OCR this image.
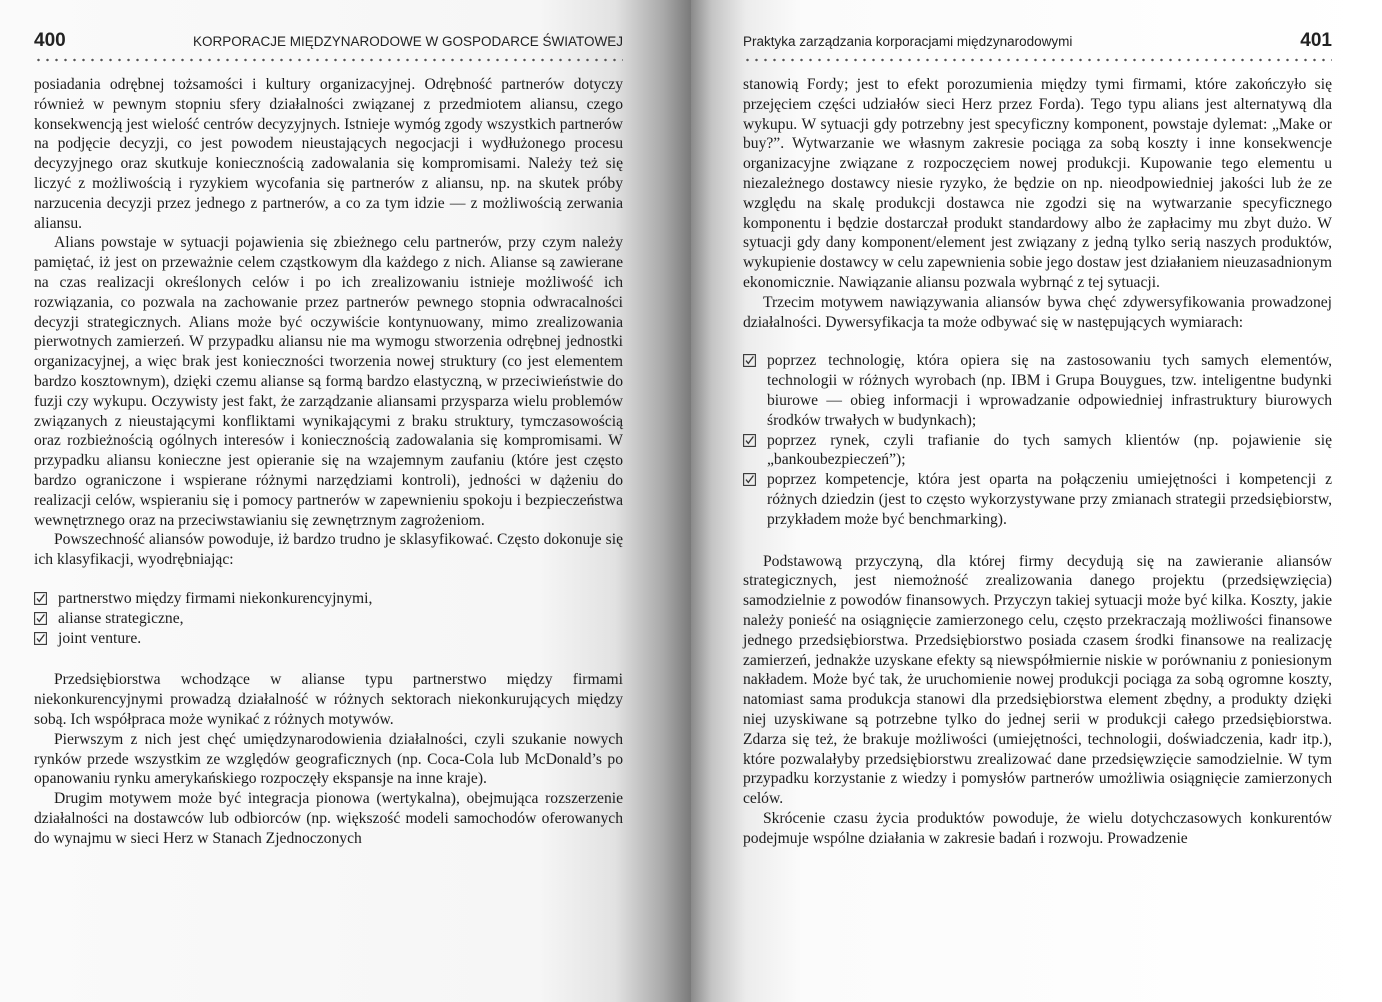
400	KORPORACJE MIĘDZYNARODOWE W GOSPODARCE ŚWIATOWEJ

posiadania odrębnej tożsamości i kultury organizacyjnej. Odrębność partnerów dotyczy również w pewnym stopniu sfery działalności związanej z przedmiotem aliansu, czego konsekwencją jest wielość centrów decyzyjnych. Istnieje wymóg zgody wszystkich partnerów na podjęcie decyzji, co jest powodem nieustających negocjacji i wydłużonego procesu decyzyjnego oraz skutkuje koniecznością zadowalania się kompromisami. Należy też się liczyć z możliwością i ryzykiem wycofania się partnerów z aliansu, np. na skutek próby narzucenia decyzji przez jednego z partnerów, a co za tym idzie — z możliwością zerwania aliansu.

Alians powstaje w sytuacji pojawienia się zbieżnego celu partnerów, przy czym należy pamiętać, iż jest on przeważnie celem cząstkowym dla każdego z nich. Alianse są zawierane na czas realizacji określonych celów i po ich zrealizowaniu istnieje możliwość ich rozwiązania, co pozwala na zachowanie przez partnerów pewnego stopnia odwracalności decyzji strategicznych. Alians może być oczywiście kontynuowany, mimo zrealizowania pierwotnych zamierzeń. W przypadku aliansu nie ma wymogu stworzenia odrębnej jednostki organizacyjnej, a więc brak jest konieczności tworzenia nowej struktury (co jest elementem bardzo kosztownym), dzięki czemu alianse są formą bardzo elastyczną, w przeciwieństwie do fuzji czy wykupu. Oczywisty jest fakt, że zarządzanie aliansami przysparza wielu problemów związanych z nieustającymi konfliktami wynikającymi z braku struktury, tymczasowością oraz rozbieżnością ogólnych interesów i koniecznością zadowalania się kompromisami. W przypadku aliansu konieczne jest opieranie się na wzajemnym zaufaniu (które jest często bardzo ograniczone i wspierane różnymi narzędziami kontroli), jedności w dążeniu do realizacji celów, wspieraniu się i pomocy partnerów w zapewnieniu spokoju i bezpieczeństwa wewnętrznego oraz na przeciwstawianiu się zewnętrznym zagrożeniom.

Powszechność aliansów powoduje, iż bardzo trudno je sklasyfikować. Często dokonuje się ich klasyfikacji, wyodrębniając:

partnerstwo między firmami niekonkurencyjnymi,
alianse strategiczne,
joint venture.

Przedsiębiorstwa wchodzące w alianse typu partnerstwo między firmami niekonkurencyjnymi prowadzą działalność w różnych sektorach niekonkurujących między sobą. Ich współpraca może wynikać z różnych motywów.

Pierwszym z nich jest chęć umiędzynarodowienia działalności, czyli szukanie nowych rynków przede wszystkim ze względów geograficznych (np. Coca-Cola lub McDonald’s po opanowaniu rynku amerykańskiego rozpoczęły ekspansje na inne kraje).

Drugim motywem może być integracja pionowa (wertykalna), obejmująca rozszerzenie działalności na dostawców lub odbiorców (np. większość modeli samochodów oferowanych do wynajmu w sieci Herz w Stanach Zjednoczonych

Praktyka zarządzania korporacjami międzynarodowymi	401

stanowią Fordy; jest to efekt porozumienia między tymi firmami, które zakończyło się przejęciem części udziałów sieci Herz przez Forda). Tego typu alians jest alternatywą dla wykupu. W sytuacji gdy potrzebny jest specyficzny komponent, powstaje dylemat: „Make or buy?”. Wytwarzanie we własnym zakresie pociąga za sobą koszty i inne konsekwencje organizacyjne związane z rozpoczęciem nowej produkcji. Kupowanie tego elementu u niezależnego dostawcy niesie ryzyko, że będzie on np. nieodpowiedniej jakości lub że ze względu na skalę produkcji dostawca nie zgodzi się na wytwarzanie specyficznego komponentu i będzie dostarczał produkt standardowy albo że zapłacimy mu zbyt dużo. W sytuacji gdy dany komponent/element jest związany z jedną tylko serią naszych produktów, wykupienie dostawcy w celu zapewnienia sobie jego dostaw jest działaniem nieuzasadnionym ekonomicznie. Nawiązanie aliansu pozwala wybrnąć z tej sytuacji.

Trzecim motywem nawiązywania aliansów bywa chęć zdywersyfikowania prowadzonej działalności. Dywersyfikacja ta może odbywać się w następujących wymiarach:

poprzez technologię, która opiera się na zastosowaniu tych samych elementów, technologii w różnych wyrobach (np. IBM i Grupa Bouygues, tzw. inteligentne budynki biurowe — obieg informacji i wprowadzanie odpowiedniej infrastruktury biurowych środków trwałych w budynkach);
poprzez rynek, czyli trafianie do tych samych klientów (np. pojawienie się „bankoubezpieczeń”);
poprzez kompetencje, która jest oparta na połączeniu umiejętności i kompetencji z różnych dziedzin (jest to często wykorzystywane przy zmianach strategii przedsiębiorstw, przykładem może być benchmarking).

Podstawową przyczyną, dla której firmy decydują się na zawieranie aliansów strategicznych, jest niemożność zrealizowania danego projektu (przedsięwzięcia) samodzielnie z powodów finansowych. Przyczyn takiej sytuacji może być kilka. Koszty, jakie należy ponieść na osiągnięcie zamierzonego celu, często przekraczają możliwości finansowe jednego przedsiębiorstwa. Przedsiębiorstwo posiada czasem środki finansowe na realizację zamierzeń, jednakże uzyskane efekty są niewspółmiernie niskie w porównaniu z poniesionym nakładem. Może być tak, że uruchomienie nowej produkcji pociąga za sobą ogromne koszty, natomiast sama produkcja stanowi dla przedsiębiorstwa element zbędny, a produkty dzięki niej uzyskiwane są potrzebne tylko do jednej serii w produkcji całego przedsiębiorstwa. Zdarza się też, że brakuje możliwości (umiejętności, technologii, doświadczenia, kadr itp.), które pozwalałyby przedsiębiorstwu zrealizować dane przedsięwzięcie samodzielnie. W tym przypadku korzystanie z wiedzy i pomysłów partnerów umożliwia osiągnięcie zamierzonych celów.

Skrócenie czasu życia produktów powoduje, że wielu dotychczasowych konkurentów podejmuje wspólne działania w zakresie badań i rozwoju. Prowadzenie
